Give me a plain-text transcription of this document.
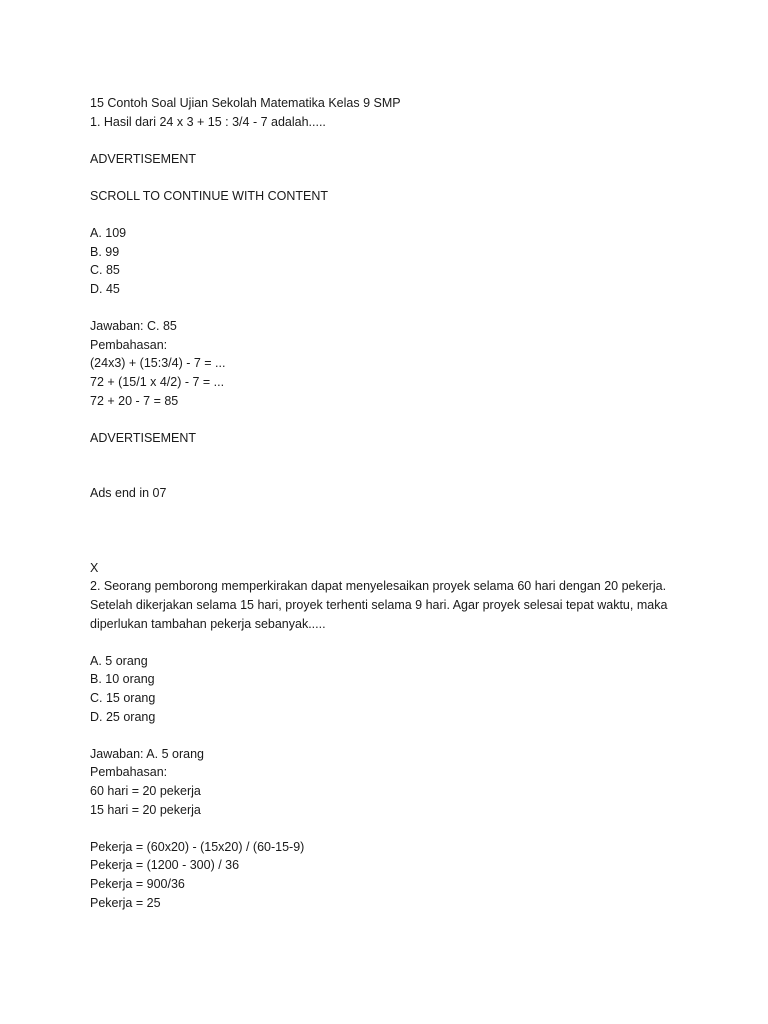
15 Contoh Soal Ujian Sekolah Matematika Kelas 9 SMP
1. Hasil dari 24 x 3 + 15 : 3/4 - 7 adalah.....
ADVERTISEMENT
SCROLL TO CONTINUE WITH CONTENT
A. 109
B. 99
C. 85
D. 45
Jawaban: C. 85
Pembahasan:
(24x3) + (15:3/4) - 7 = ...
72 + (15/1 x 4/2) - 7 = ...
72 + 20 - 7 = 85
ADVERTISEMENT
Ads end in 07
X
2. Seorang pemborong memperkirakan dapat menyelesaikan proyek selama 60 hari dengan 20 pekerja. Setelah dikerjakan selama 15 hari, proyek terhenti selama 9 hari. Agar proyek selesai tepat waktu, maka diperlukan tambahan pekerja sebanyak.....
A. 5 orang
B. 10 orang
C. 15 orang
D. 25 orang
Jawaban: A. 5 orang
Pembahasan:
60 hari = 20 pekerja
15 hari = 20 pekerja
Pekerja = (60x20) - (15x20) / (60-15-9)
Pekerja = (1200 - 300) / 36
Pekerja = 900/36
Pekerja = 25
